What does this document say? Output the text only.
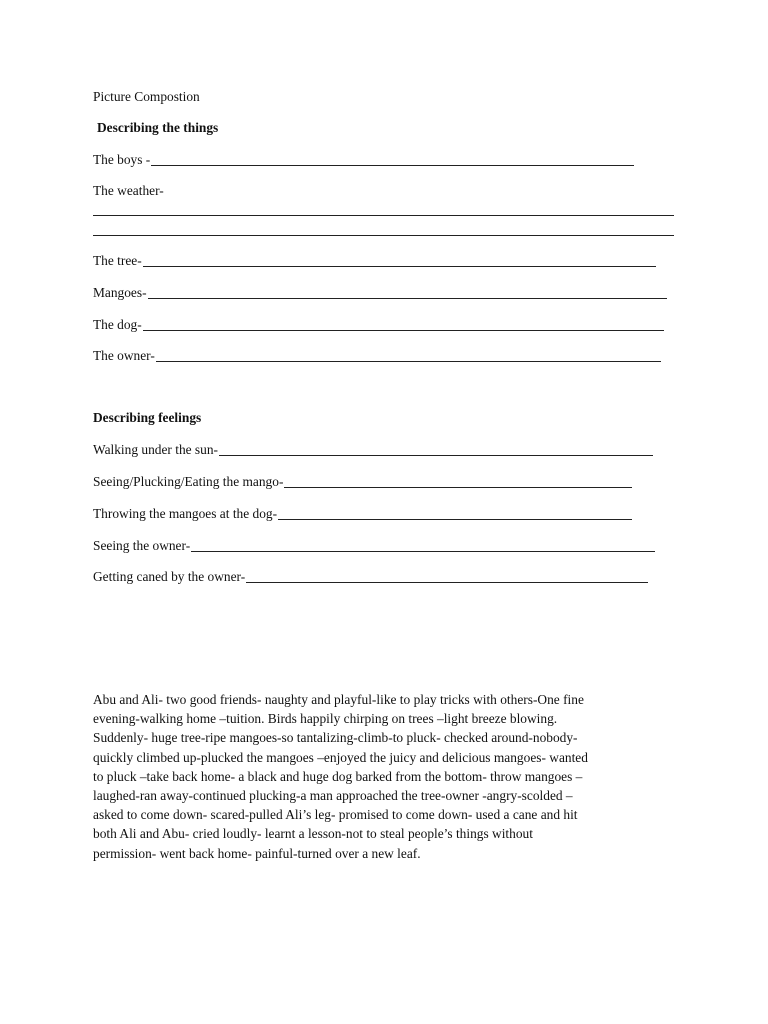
Picture Compostion
Describing the things
The boys -
The weather-
The tree-
Mangoes-
The dog-
The owner-
Describing feelings
Walking under the sun-
Seeing/Plucking/Eating the mango-
Throwing the mangoes at the dog-
Seeing the owner-
Getting caned by the owner-
Abu and Ali- two good friends- naughty and playful-like to play tricks with others-One fine
evening-walking home –tuition. Birds happily chirping on trees –light breeze blowing.
Suddenly- huge tree-ripe mangoes-so tantalizing-climb-to pluck- checked around-nobody-
quickly climbed up-plucked the mangoes –enjoyed the juicy and delicious mangoes- wanted
to pluck –take back home- a black and huge dog barked from the bottom- throw mangoes –
laughed-ran away-continued plucking-a man approached the tree-owner -angry-scolded –
asked to come down- scared-pulled Ali’s leg- promised to come down- used a cane and hit
both Ali and Abu- cried loudly- learnt a lesson-not to steal people’s things without
permission- went back home- painful-turned over a new leaf.
